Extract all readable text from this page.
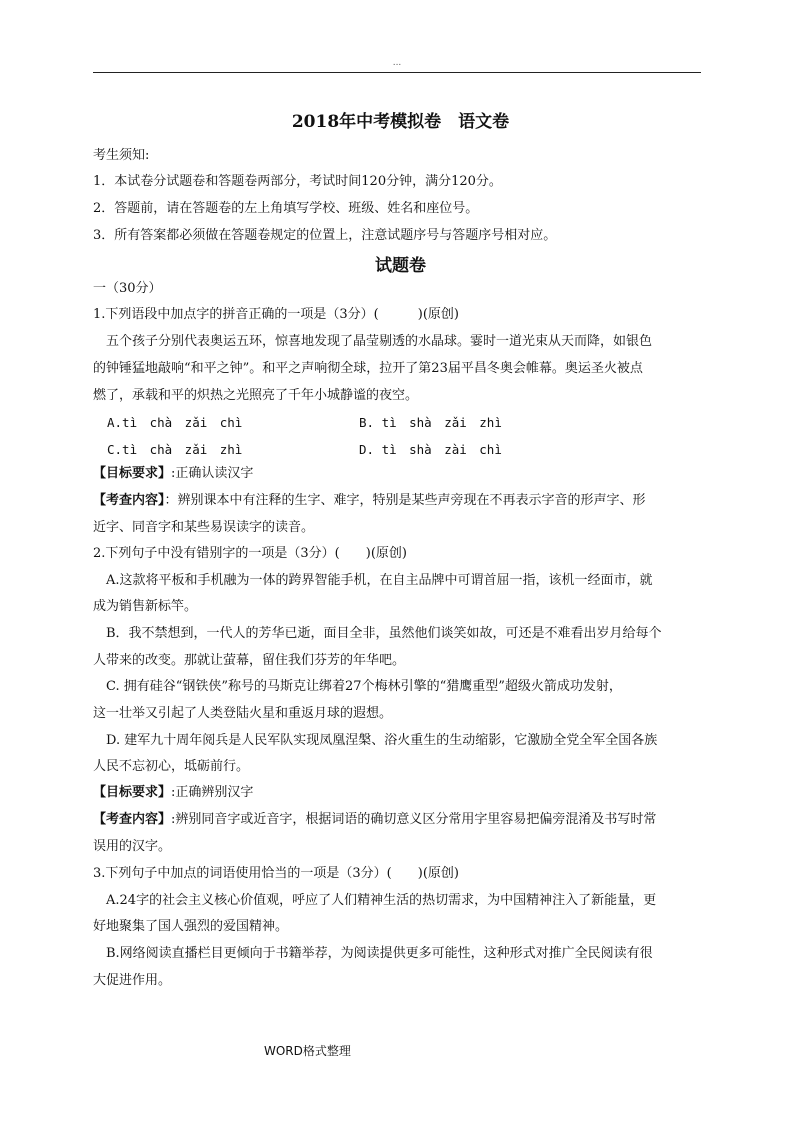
...
2018年中考模拟卷　语文卷
考生须知:
1．本试卷分试题卷和答题卷两部分，考试时间120分钟，满分120分。
2．答题前，请在答题卷的左上角填写学校、班级、姓名和座位号。
3．所有答案都必须做在答题卷规定的位置上，注意试题序号与答题序号相对应。
试题卷
一（30分）
1.下列语段中加点字的拼音正确的一项是（3分）(　　　)(原创)
　五个孩子分别代表奥运五环，惊喜地发现了晶莹剔透的水晶球。霎时一道光束从天而降，如银色
的钟锤猛地敲响“和平之钟”。和平之声响彻全球，拉开了第23届平昌冬奥会帷幕。奥运圣火被点
燃了，承载和平的炽热之光照亮了千年小城静谧的夜空。
A.tì　chà　zǎi　chì	B. tì　shà　zǎi　zhì
C.tì　chà　zǎi　zhì	D. tì　shà　zài　chì
【目标要求】:正确认读汉字
【考查内容】：辨别课本中有注释的生字、难字，特别是某些声旁现在不再表示字音的形声字、形
近字、同音字和某些易误读字的读音。
2.下列句子中没有错别字的一项是（3分）(　　)(原创)
　A.这款将平板和手机融为一体的跨界智能手机，在自主品牌中可谓首屈一指，该机一经面市，就
成为销售新标竿。
　B．我不禁想到，一代人的芳华已逝，面目全非，虽然他们谈笑如故，可还是不难看出岁月给每个
人带来的改变。那就让萤幕，留住我们芬芳的年华吧。
　C. 拥有硅谷“钢铁侠”称号的马斯克让绑着27个梅林引擎的“猎鹰重型”超级火箭成功发射，
这一壮举又引起了人类登陆火星和重返月球的遐想。
　D. 建军九十周年阅兵是人民军队实现凤凰涅槃、浴火重生的生动缩影，它激励全党全军全国各族
人民不忘初心，坻砺前行。
【目标要求】:正确辨别汉字
【考查内容】:辨别同音字或近音字，根据词语的确切意义区分常用字里容易把偏旁混淆及书写时常
误用的汉字。
3.下列句子中加点的词语使用恰当的一项是（3分）(　　)(原创)
　A.24字的社会主义核心价值观，呼应了人们精神生活的热切需求，为中国精神注入了新能量，更
好地聚集了国人强烈的爱国精神。
　B.网络阅读直播栏目更倾向于书籍举荐，为阅读提供更多可能性，这种形式对推广全民阅读有很
大促进作用。
WORD格式整理
